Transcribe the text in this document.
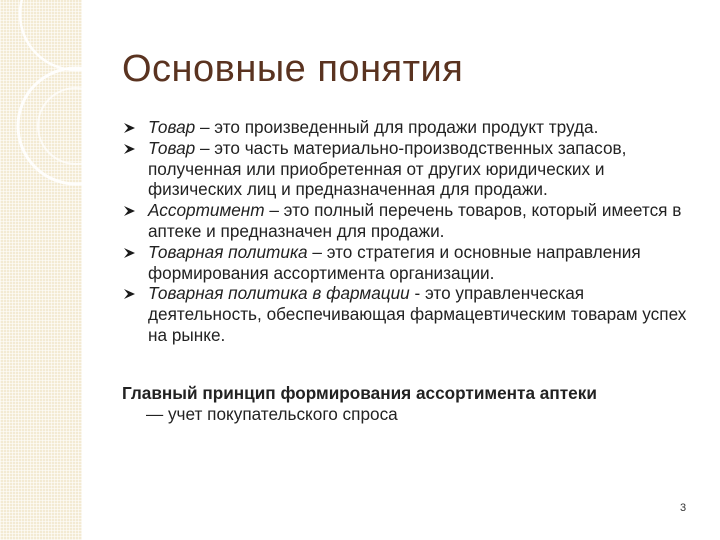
Основные понятия
Товар – это произведенный для продажи продукт труда.
Товар – это часть материально-производственных запасов, полученная или приобретенная от других юридических и физических лиц и предназначенная для продажи.
Ассортимент – это полный перечень товаров, который имеется в аптеке и предназначен для продажи.
Товарная политика – это стратегия и основные направления формирования ассортимента организации.
Товарная политика в фармации - это управленческая деятельность, обеспечивающая фармацевтическим товарам успех на рынке.
Главный принцип формирования ассортимента аптеки
— учет покупательского спроса
3
